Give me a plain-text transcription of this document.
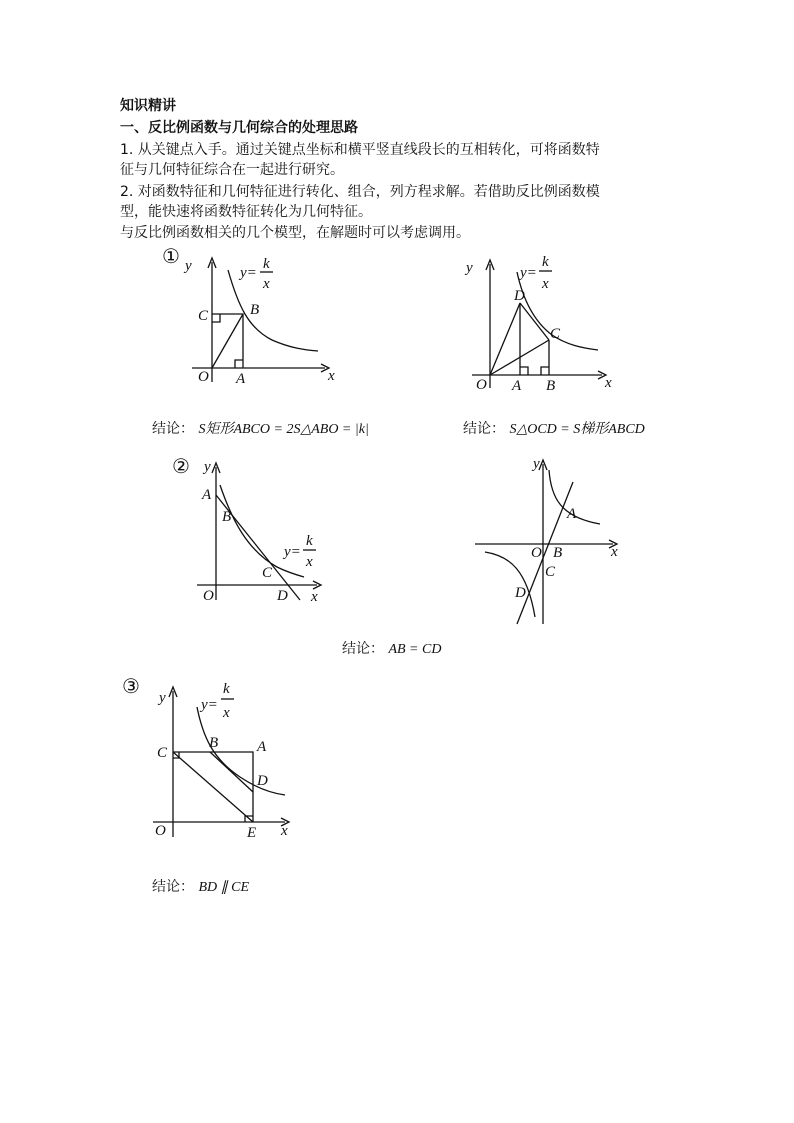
知识精讲
一、反比例函数与几何综合的处理思路
1. 从关键点入手。通过关键点坐标和横平竖直线段长的互相转化，可将函数特
征与几何特征综合在一起进行研究。
2. 对函数特征和几何特征进行转化、组合，列方程求解。若借助反比例函数模
型，能快速将函数特征转化为几何特征。
与反比例函数相关的几个模型，在解题时可以考虑调用。
①
②
③
y
x
O
C	B
A
y=
k
x
y
x
O
D
C
A B
y=
k
x
结论： S矩形ABCO = 2S△ABO = |k|	结论： S△OCD = S梯形ABCD
y
x
O
A
B
C
D
y=
k
x
y
x
O
A
B
C
D
结论： AB = CD
y
x
O
C
B	A
D
E
y=
k
x
结论： BD ∥ CE
